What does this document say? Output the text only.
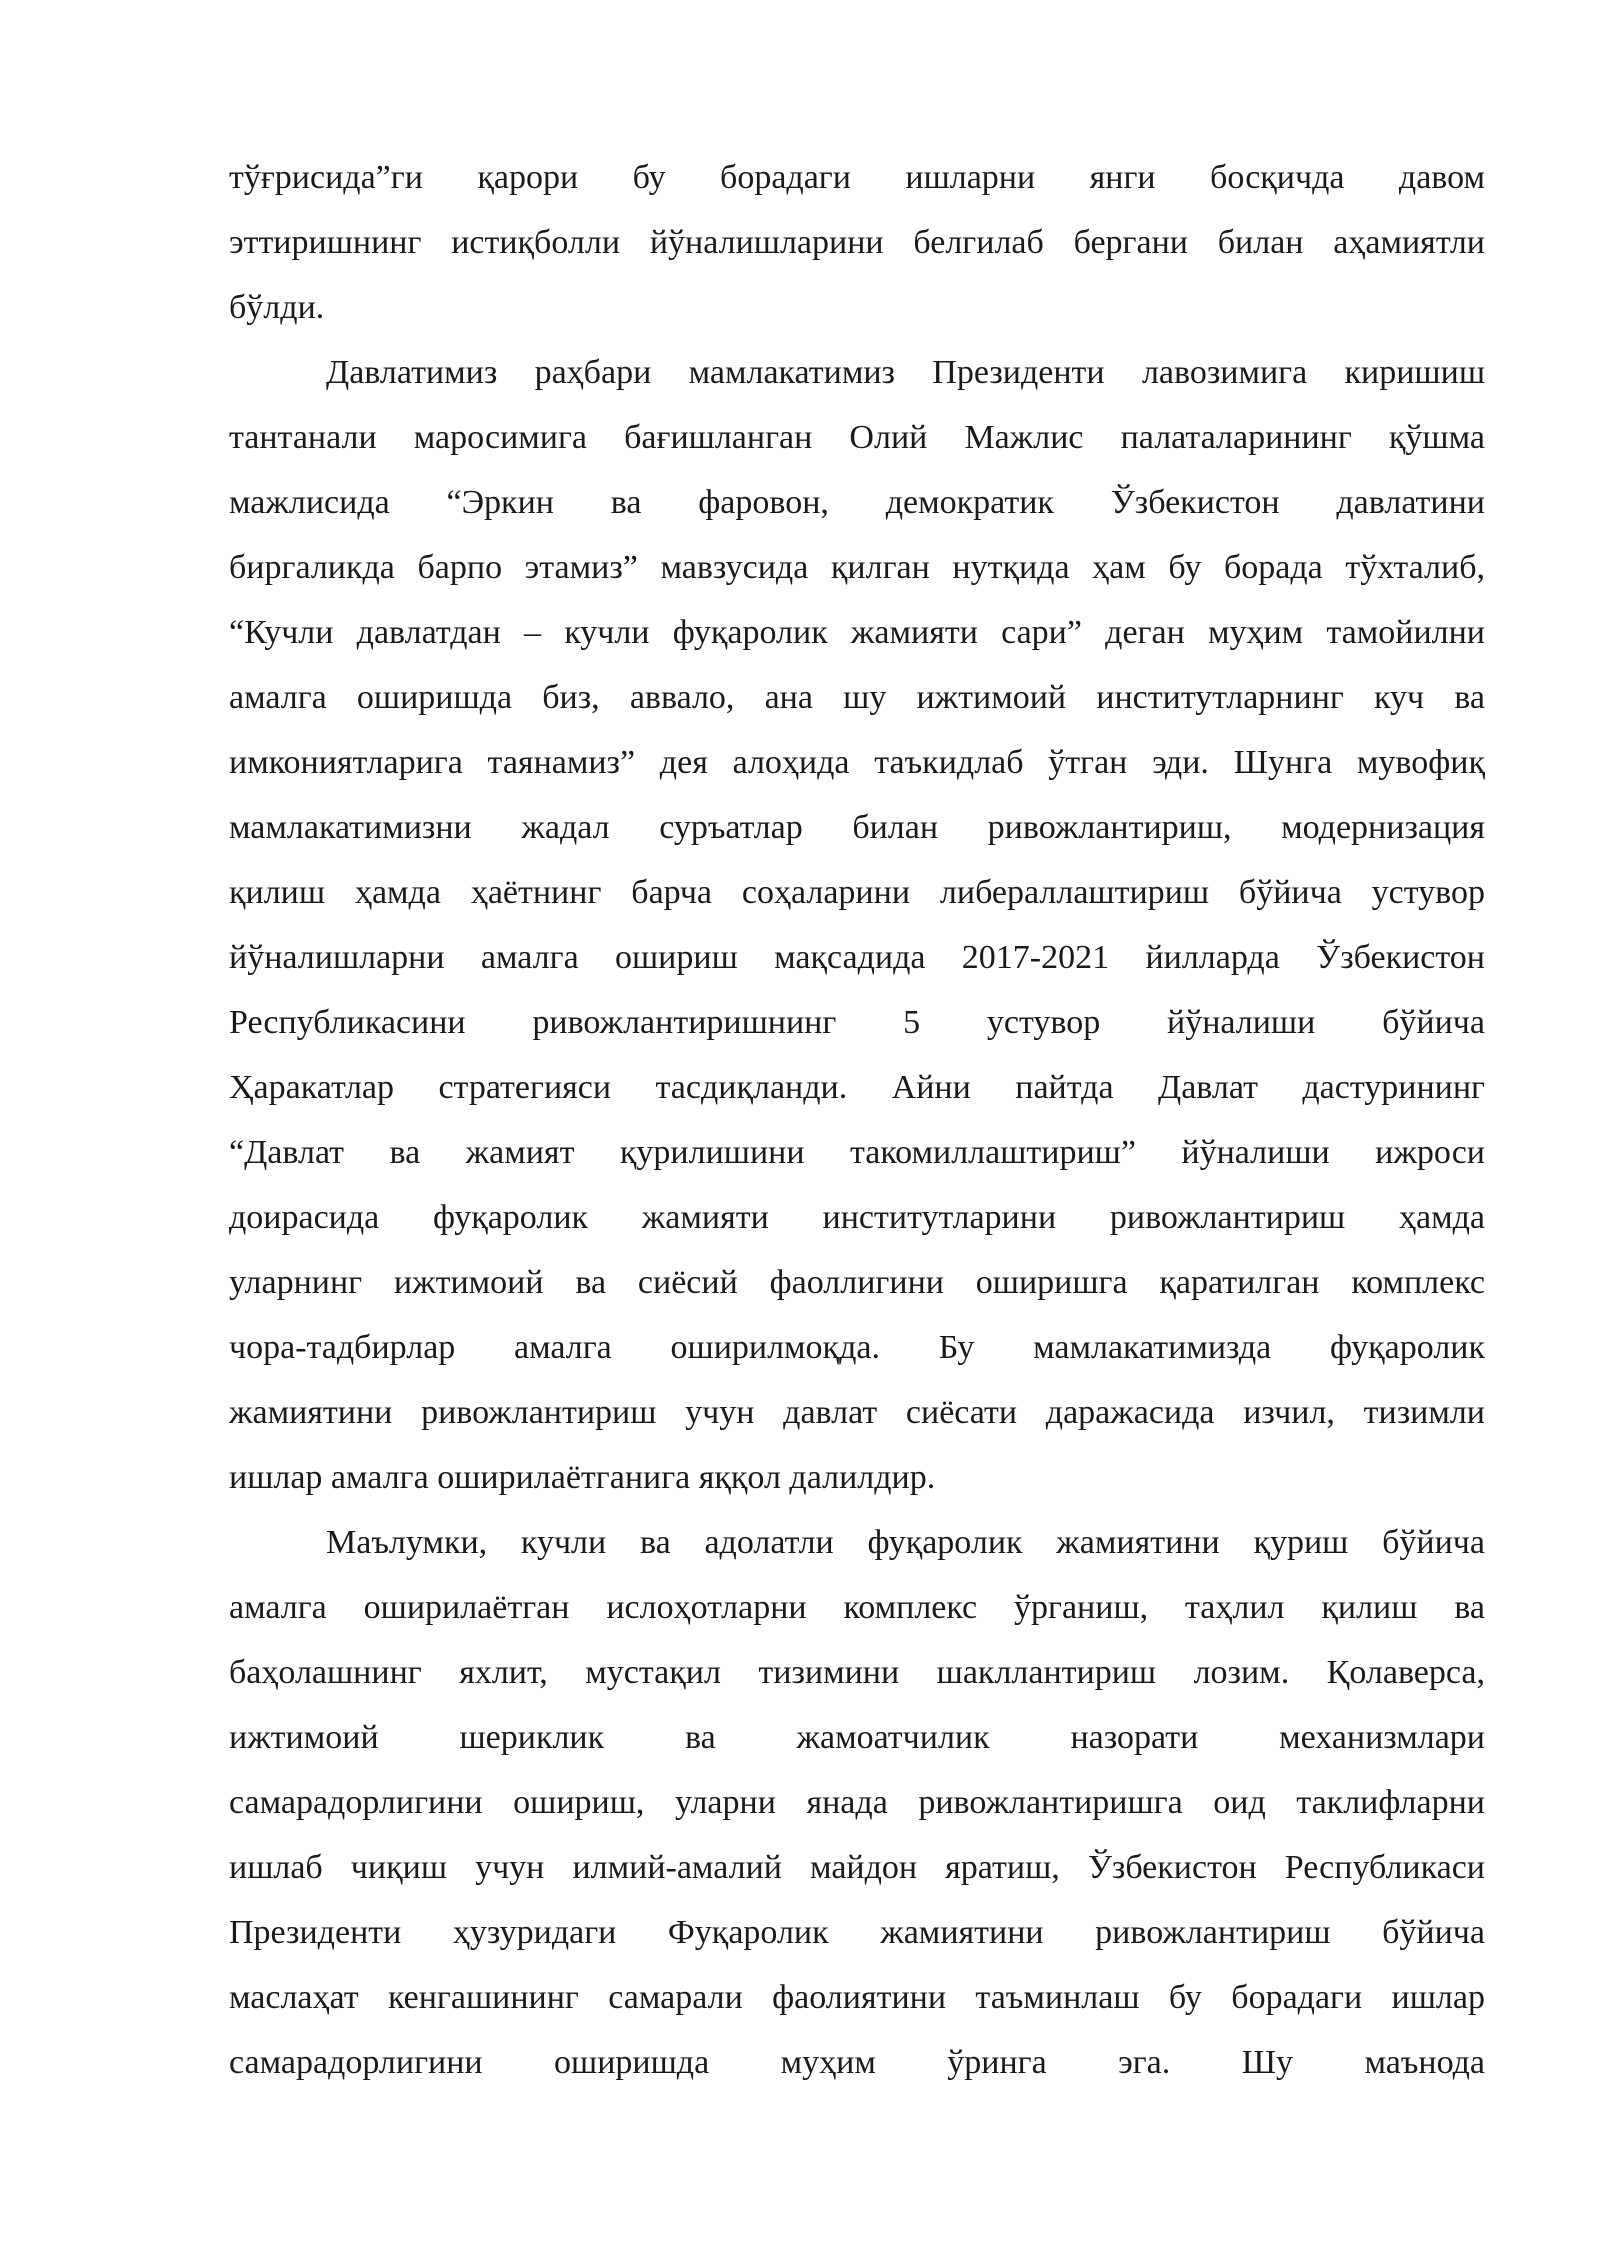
тўғрисида”ги қарори бу борадаги ишларни янги босқичда давом
эттиришнинг истиқболли йўналишларини белгилаб бергани билан аҳамиятли
бўлди.
Давлатимиз раҳбари мамлакатимиз Президенти лавозимига киришиш
тантанали маросимига бағишланган Олий Мажлис палаталарининг қўшма
мажлисида “Эркин ва фаровон, демократик Ўзбекистон давлатини
биргаликда барпо этамиз” мавзусида қилган нутқида ҳам бу борада тўхталиб,
“Кучли давлатдан – кучли фуқаролик жамияти сари” деган муҳим тамойилни
амалга оширишда биз, аввало, ана шу ижтимоий институтларнинг куч ва
имкониятларига таянамиз” дея алоҳида таъкидлаб ўтган эди. Шунга мувофиқ
мамлакатимизни жадал суръатлар билан ривожлантириш, модернизация
қилиш ҳамда ҳаётнинг барча соҳаларини либераллаштириш бўйича устувор
йўналишларни амалга ошириш мақсадида 2017-2021 йилларда Ўзбекистон
Республикасини ривожлантиришнинг 5 устувор йўналиши бўйича
Ҳаракатлар стратегияси тасдиқланди. Айни пайтда Давлат дастурининг
“Давлат ва жамият қурилишини такомиллаштириш” йўналиши ижроси
доирасида фуқаролик жамияти институтларини ривожлантириш ҳамда
уларнинг ижтимоий ва сиёсий фаоллигини оширишга қаратилган комплекс
чора-тадбирлар амалга оширилмоқда. Бу мамлакатимизда фуқаролик
жамиятини ривожлантириш учун давлат сиёсати даражасида изчил, тизимли
ишлар амалга оширилаётганига яққол далилдир.
Маълумки, кучли ва адолатли фуқаролик жамиятини қуриш бўйича
амалга оширилаётган ислоҳотларни комплекс ўрганиш, таҳлил қилиш ва
баҳолашнинг яхлит, мустақил тизимини шакллантириш лозим. Қолаверса,
ижтимоий шериклик ва жамоатчилик назорати механизмлари
самарадорлигини ошириш, уларни янада ривожлантиришга оид таклифларни
ишлаб чиқиш учун илмий-амалий майдон яратиш, Ўзбекистон Республикаси
Президенти ҳузуридаги Фуқаролик жамиятини ривожлантириш бўйича
маслаҳат кенгашининг самарали фаолиятини таъминлаш бу борадаги ишлар
самарадорлигини оширишда муҳим ўринга эга. Шу маънода
